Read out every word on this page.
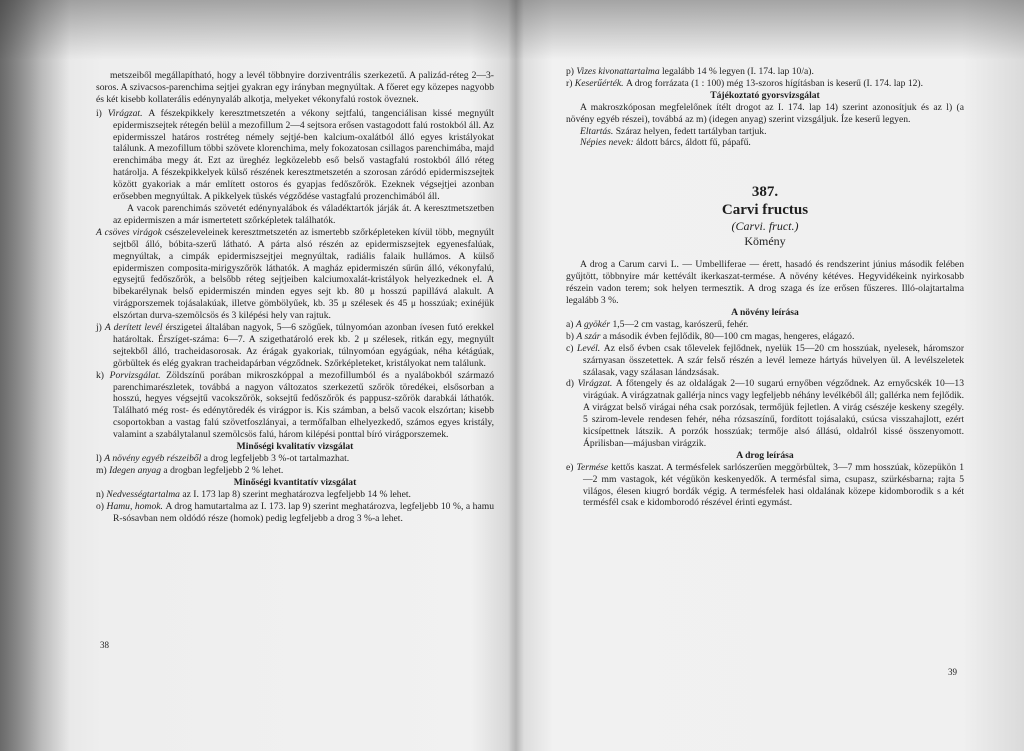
metszeiből megállapítható, hogy a levél többnyire dorziventrális szerkezetű. A palizád-réteg 2—3-soros. A szivacsos-parenchima sejtjei gyakran egy irányban megnyúltak. A főeret egy közepes nagyobb és két kisebb kollaterális edénynyaláb alkotja, melyeket vékonyfalú rostok öveznek.

i) Virágzat. A fészekpikkely keresztmetszetén a vékony sejtfalú, tangenciálisan kissé megnyúlt epidermiszsejtek rétegén belül a mezofillum 2—4 sejtsora erősen vastagodott falú rostokból áll. Az epidermisszel határos rostréteg némely sejtjé-ben kalcium-oxalátból álló egyes kristályokat találunk. A mezofillum többi szövete klorenchima, mely fokozatosan csillagos parenchimába, majd erenchimába megy át. Ezt az üreghéz legközelebb eső belső vastagfalú rostokból álló réteg határolja. A fészekpikkelyek külső részének keresztmetszetén a szorosan záródó epidermiszsejtek között gyakoriak a már említett ostoros és gyapjas fedőszőrök. Ezeknek végsejtjei azonban erősebben megnyúltak. A pikkelyek tüskés végződése vastagfalú prozenchimából áll.

A vacok parenchimás szövetét edénynyalábok és váladéktartók járják át. A keresztmetszetben az epidermiszen a már ismertetett szőrképletek találhatók.

A csöves virágok csészeleveleinek keresztmetszetén az ismertebb szőrképleteken kívül több, megnyúlt sejtből álló, bóbita-szerű látható. A párta alsó részén az epidermiszsejtek egyenesfalúak, megnyúltak, a cimpák epidermiszsejtjei megnyúltak, radiális falaik hullámos. A külső epidermiszen composita-mirigyszőrök láthatók. A magház epidermiszén sűrűn álló, vékonyfalú, egysejtű fedőszőrök, a belsőbb réteg sejtjeiben kalciumoxalát-kristályok helyezkednek el. A bibekarélynak belső epidermiszén minden egyes sejt kb. 80 μ hosszú papillává alakult. A virágporszemek tojásalakúak, illetve gömbölyűek, kb. 35 μ szélesek és 45 μ hosszúak; exinéjük elszórtan durva-szemölcsös és 3 kilépési hely van rajtuk.

j) A derített levél érszigetei általában nagyok, 5—6 szögűek, túlnyomóan azonban ívesen futó erekkel határoltak. Érszíget-száma: 6—7. A szigethatároló erek kb. 2 μ szélesek, ritkán egy, megnyúlt sejtekből álló, tracheidasorosak. Az érágak gyakoriak, túlnyomóan egyágúak, néha kétágúak, görbültek és elég gyakran tracheidapárban végződnek. Szőrképleteket, kristályokat nem találunk.

k) Porvizsgálat. Zöldszínű porában mikroszkóppal a mezofillumból és a nyalábokból származó parenchimarészletek, továbbá a nagyon változatos szerkezetű szőrök töredékei, elsősorban a hosszú, hegyes végsejtű vacokszőrök, soksejtű fedőszőrök és pappusz-szőrök darabkái láthatók. Található még rost- és edénytöredék és virágpor is. Kis számban, a belső vacok elszórtan; kisebb csoportokban a vastag falú szövetfoszlányai, a termőfalban elhelyezkedő, számos egyes kristály, valamint a szabálytalanul szemölcsös falú, három kilépési ponttal bíró virágporszemek.

Minőségi kvalitatív vizsgálat

l) A növény egyéb részeiből a drog legfeljebb 3 %-ot tartalmazhat.

m) Idegen anyag a drogban legfeljebb 2 % lehet.

Minőségi kvantitatív vizsgálat

n) Nedvességtartalma az I. 173 lap 8) szerint meghatározva legfeljebb 14 % lehet.

o) Hamu, homok. A drog hamutartalma az I. 173. lap 9) szerint meghatározva, legfeljebb 10 %, a hamu R-sósavban nem oldódó része (homok) pedig legfeljebb a drog 3 %-a lehet.

38

p) Vizes kivonattartalma legalább 14 % legyen (I. 174. lap 10/a).

r) Keserűérték. A drog forrázata (1 : 100) még 13-szoros hígításban is keserű (I. 174. lap 12).

Tájékoztató gyorsvizsgálat

A makroszkóposan megfelelőnek ítélt drogot az I. 174. lap 14) szerint azonosítjuk és az l) (a növény egyéb részei), továbbá az m) (idegen anyag) szerint vizsgáljuk. Íze keserű legyen.

Eltartás. Száraz helyen, fedett tartályban tartjuk.

Népies nevek: áldott bárcs, áldott fű, pápafű.

387.

Carvi fructus

(Carvi. fruct.)

Kömény

A drog a Carum carvi L. — Umbelliferae — érett, hasadó és rendszerint június második felében gyűjtött, többnyire már kettévált ikerkaszat-termése. A növény kétéves. Hegyvidékeink nyirkosabb részein vadon terem; sok helyen termesztik. A drog szaga és íze erősen fűszeres. Illó-olajtartalma legalább 3 %.

A növény leírása

a) A gyökér 1,5—2 cm vastag, karószerű, fehér.

b) A szár a második évben fejlődik, 80—100 cm magas, hengeres, elágazó.

c) Levél. Az első évben csak tőlevelek fejlődnek, nyelük 15—20 cm hosszúak, nyelesek, háromszor szárnyasan összetettek. A szár felső részén a levél lemeze hártyás hüvelyen ül. A levélszeletek szálasak, vagy szálasan lándzsásak.

d) Virágzat. A főtengely és az oldalágak 2—10 sugarú ernyőben végződnek. Az ernyőcskék 10—13 virágúak. A virágzatnak gallérja nincs vagy legfeljebb néhány levélkéből áll; gallérka nem fejlődik. A virágzat belső virágai néha csak porzósak, termőjük fejletlen. A virág csészéje keskeny szegély. 5 szirom-levele rendesen fehér, néha rózsaszínű, fordított tojásalakú, csúcsa visszahajlott, ezért kicsípettnek látszik. A porzók hosszúak; termője alsó állású, oldalról kissé összenyomott. Áprilisban—májusban virágzik.

A drog leírása

e) Termése kettős kaszat. A termésfelek sarlószerűen meggörbültek, 3—7 mm hosszúak, közepükön 1—2 mm vastagok, két végükön keskenyedők. A termésfal sima, csupasz, szürkésbarna; rajta 5 világos, élesen kiugró bordák végig. A termésfelek hasi oldalának közepe kidomborodik s a két termésfél csak e kidomborodó részével érinti egymást.

39
